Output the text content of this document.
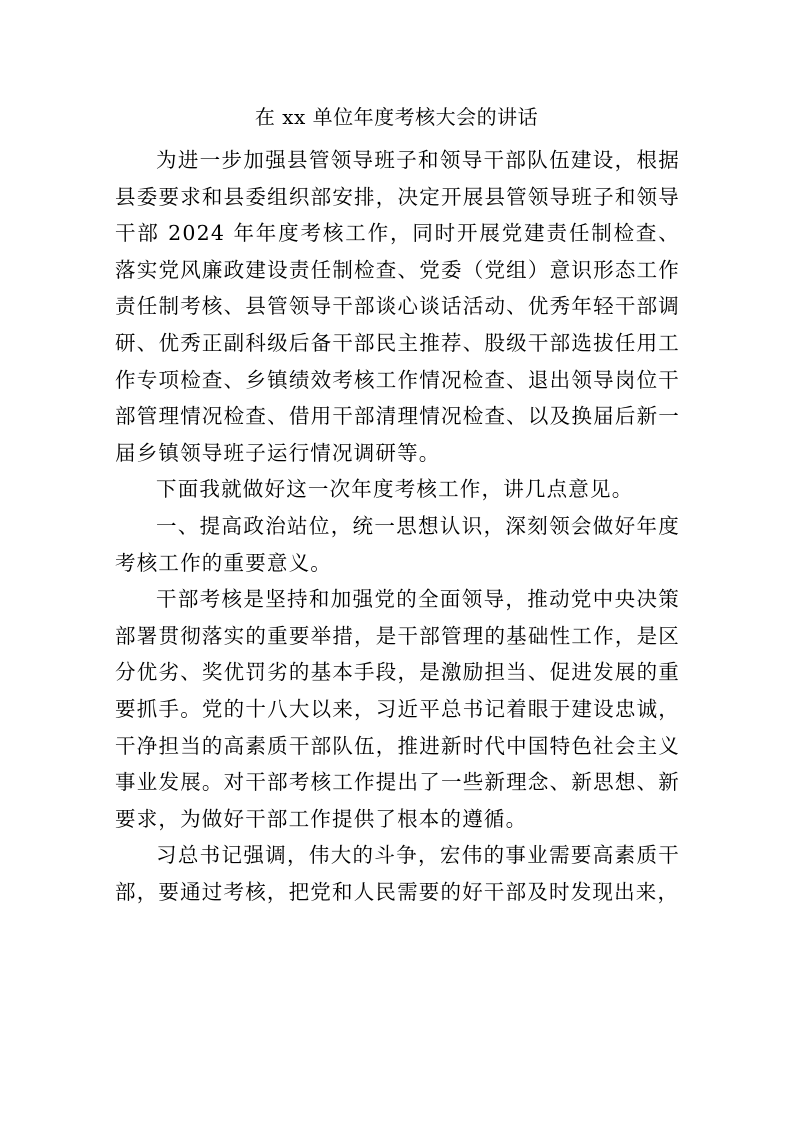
在 xx 单位年度考核大会的讲话

为进一步加强县管领导班子和领导干部队伍建设，根据县委要求和县委组织部安排，决定开展县管领导班子和领导干部 2024 年年度考核工作，同时开展党建责任制检查、落实党风廉政建设责任制检查、党委（党组）意识形态工作责任制考核、县管领导干部谈心谈话活动、优秀年轻干部调研、优秀正副科级后备干部民主推荐、股级干部选拔任用工作专项检查、乡镇绩效考核工作情况检查、退出领导岗位干部管理情况检查、借用干部清理情况检查、以及换届后新一届乡镇领导班子运行情况调研等。

下面我就做好这一次年度考核工作，讲几点意见。

一、提高政治站位，统一思想认识，深刻领会做好年度考核工作的重要意义。

干部考核是坚持和加强党的全面领导，推动党中央决策部署贯彻落实的重要举措，是干部管理的基础性工作，是区分优劣、奖优罚劣的基本手段，是激励担当、促进发展的重要抓手。党的十八大以来，习近平总书记着眼于建设忠诚，干净担当的高素质干部队伍，推进新时代中国特色社会主义事业发展。对干部考核工作提出了一些新理念、新思想、新要求，为做好干部工作提供了根本的遵循。

习总书记强调，伟大的斗争，宏伟的事业需要高素质干部，要通过考核，把党和人民需要的好干部及时发现出来，
